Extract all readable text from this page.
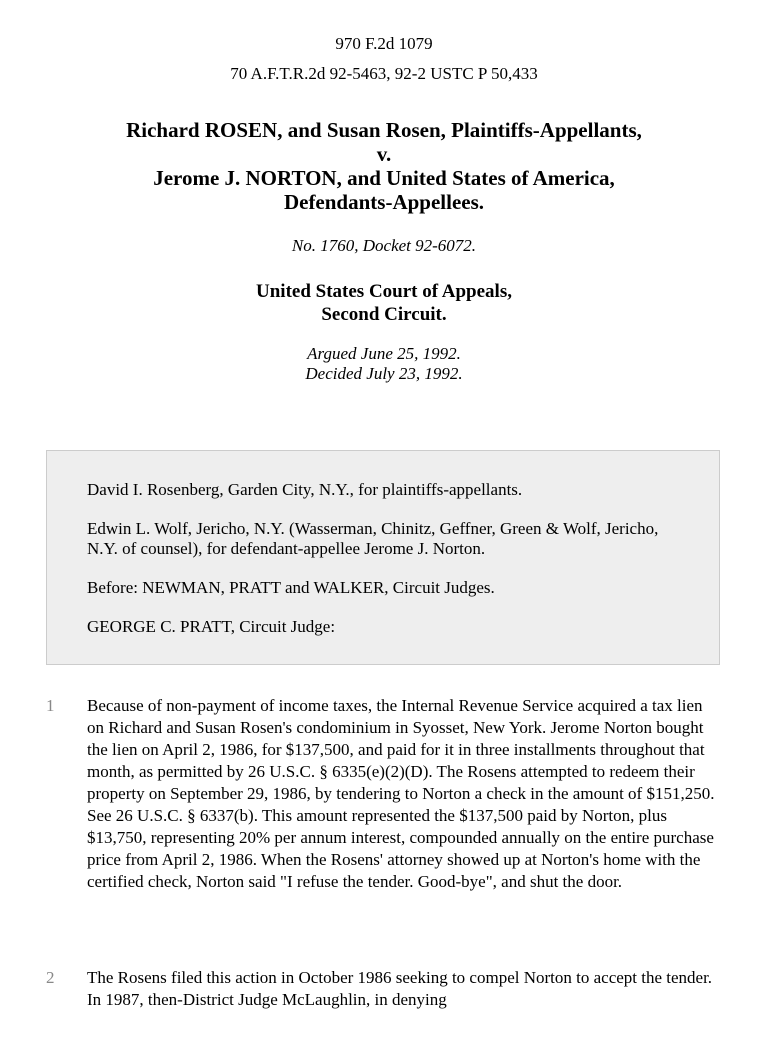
970 F.2d 1079
70 A.F.T.R.2d 92-5463, 92-2 USTC P 50,433
Richard ROSEN, and Susan Rosen, Plaintiffs-Appellants,
v.
Jerome J. NORTON, and United States of America,
Defendants-Appellees.
No. 1760, Docket 92-6072.
United States Court of Appeals,
Second Circuit.
Argued June 25, 1992.
Decided July 23, 1992.

David I. Rosenberg, Garden City, N.Y., for plaintiffs-appellants.

Edwin L. Wolf, Jericho, N.Y. (Wasserman, Chinitz, Geffner, Green & Wolf, Jericho, N.Y. of counsel), for defendant-appellee Jerome J. Norton.

Before: NEWMAN, PRATT and WALKER, Circuit Judges.

GEORGE C. PRATT, Circuit Judge:

1 Because of non-payment of income taxes, the Internal Revenue Service acquired a tax lien on Richard and Susan Rosen's condominium in Syosset, New York. Jerome Norton bought the lien on April 2, 1986, for $137,500, and paid for it in three installments throughout that month, as permitted by 26 U.S.C. § 6335(e)(2)(D). The Rosens attempted to redeem their property on September 29, 1986, by tendering to Norton a check in the amount of $151,250. See 26 U.S.C. § 6337(b). This amount represented the $137,500 paid by Norton, plus $13,750, representing 20% per annum interest, compounded annually on the entire purchase price from April 2, 1986. When the Rosens' attorney showed up at Norton's home with the certified check, Norton said "I refuse the tender. Good-bye", and shut the door.
2 The Rosens filed this action in October 1986 seeking to compel Norton to accept the tender. In 1987, then-District Judge McLaughlin, in denying
